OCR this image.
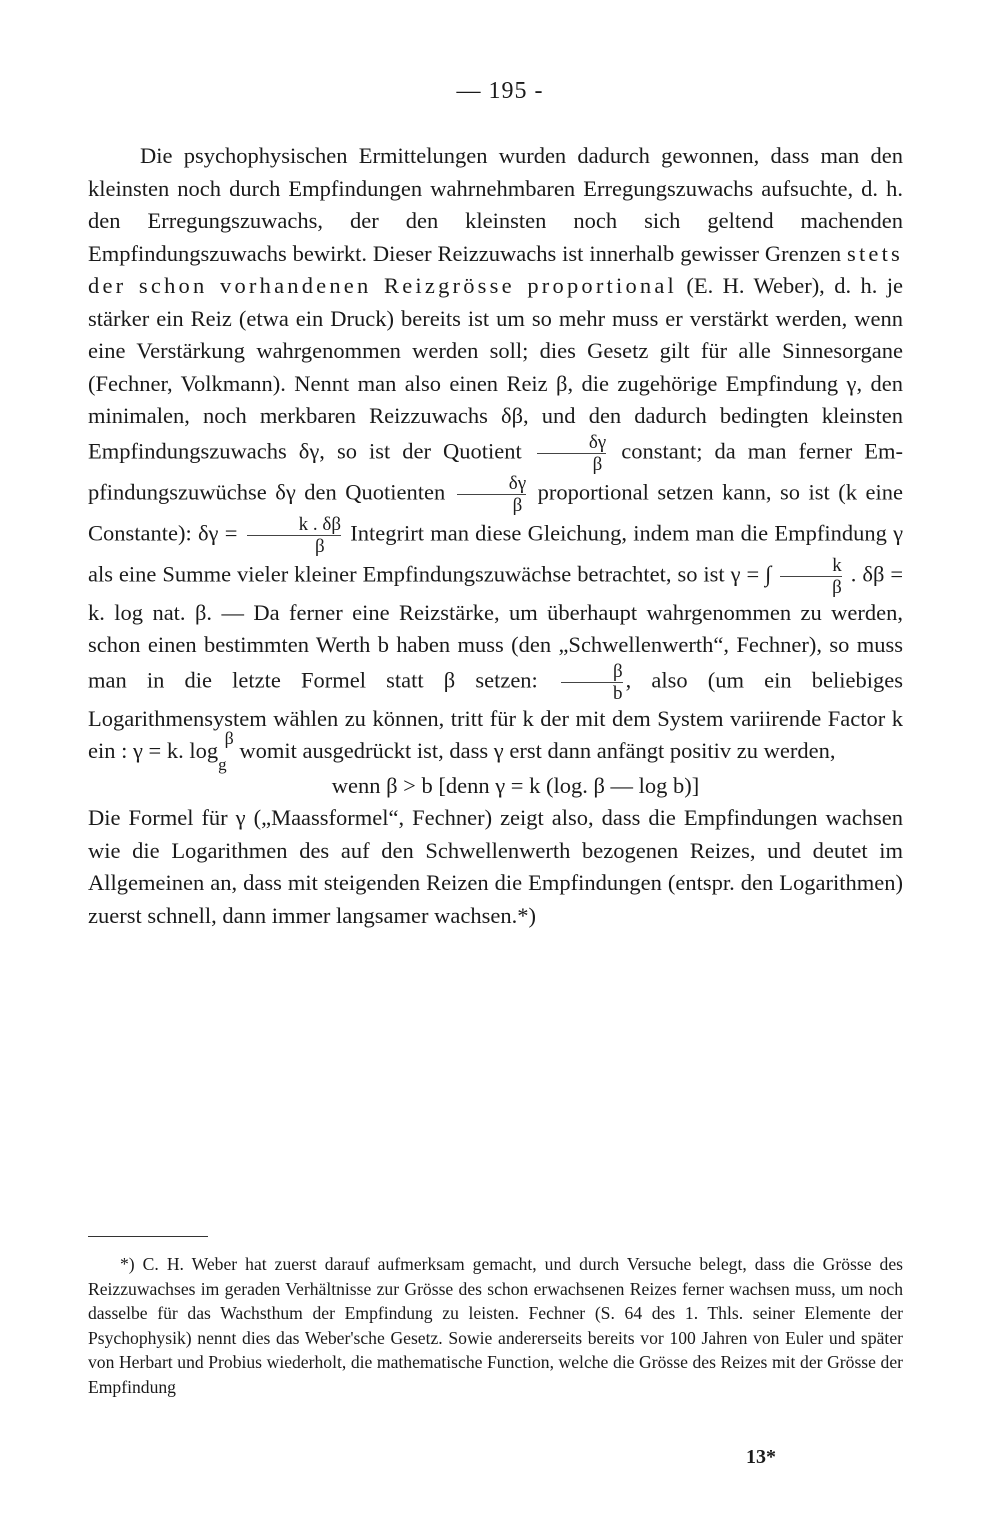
— 195 -

Die psychophysischen Ermittelungen wurden dadurch gewonnen, dass man den kleinsten noch durch Empfindungen wahrnehmbaren Erregungszuwachs aufsuchte, d. h. den Erregungszuwachs, der den kleinsten noch sich geltend machenden Empfindungszuwachs bewirkt. Dieser Reizzuwachs ist innerhalb gewisser Grenzen stets der schon vorhandenen Reizgrösse proportional (E. H. Weber), d. h. je stärker ein Reiz (etwa ein Druck) bereits ist um so mehr muss er verstärkt werden, wenn eine Verstärkung wahrgenommen werden soll; dies Gesetz gilt für alle Sinnesorgane (Fechner, Volkmann). Nennt man also einen Reiz β, die zugehörige Empfindung γ, den minimalen, noch merkbaren Reizzuwachs δβ, und den dadurch bedingten kleinsten Empfindungszuwachs δγ, so ist der Quotient $\frac{\delta\gamma}{\beta}$ constant; da man ferner Em- pfindungszuwüchse δγ den Quotienten $\frac{\delta\gamma}{\beta}$ proportional setzen kann, so ist (k eine Constante): $\delta\gamma = \frac{k . \delta\beta}{\beta}$ Integrirt man diese Gleichung, indem man die Empfindung γ als eine Summe vieler kleiner Empfindungszuwächse betrachtet, so ist γ = ∫ $\frac{k}{\beta}$ . δβ = k. log nat. β. — Da ferner eine Reizstärke, um überhaupt wahrgenommen zu werden, schon einen bestimmten Werth b haben muss (den „Schwellenwerth“, Fechner), so muss man in die letzte Formel statt β setzen: $\frac{\beta}{b}$ , also (um ein beliebiges Logarithmensystem wählen zu können, tritt für k der mit dem System variirende Factor k ein : γ = k. $\log_g^\beta$ womit ausgedrückt ist, dass γ erst dann anfängt positiv zu werden,

wenn β > b [denn γ = k (log. β — log b)]

Die Formel für γ („Maassformel“, Fechner) zeigt also, dass die Empfindungen wachsen wie die Logarithmen des auf den Schwellenwerth bezogenen Reizes, und deutet im Allgemeinen an, dass mit steigenden Reizen die Empfindungen (entspr. den Logarithmen) zuerst schnell, dann immer langsamer wachsen.*)

*) C. H. Weber hat zuerst darauf aufmerksam gemacht, und durch Versuche belegt, dass die Grösse des Reizzuwachses im geraden Verhältnisse zur Grösse des schon erwachsenen Reizes ferner wachsen muss, um noch dasselbe für das Wachsthum der Empfindung zu leisten. Fechner (S. 64 des 1. Thls. seiner Elemente der Psychophysik) nennt dies das Weber'sche Gesetz. Sowie andererseits bereits vor 100 Jahren von Euler und später von Herbart und Probius wiederholt, die mathematische Function, welche die Grösse des Reizes mit der Grösse der Empfindung

13*
